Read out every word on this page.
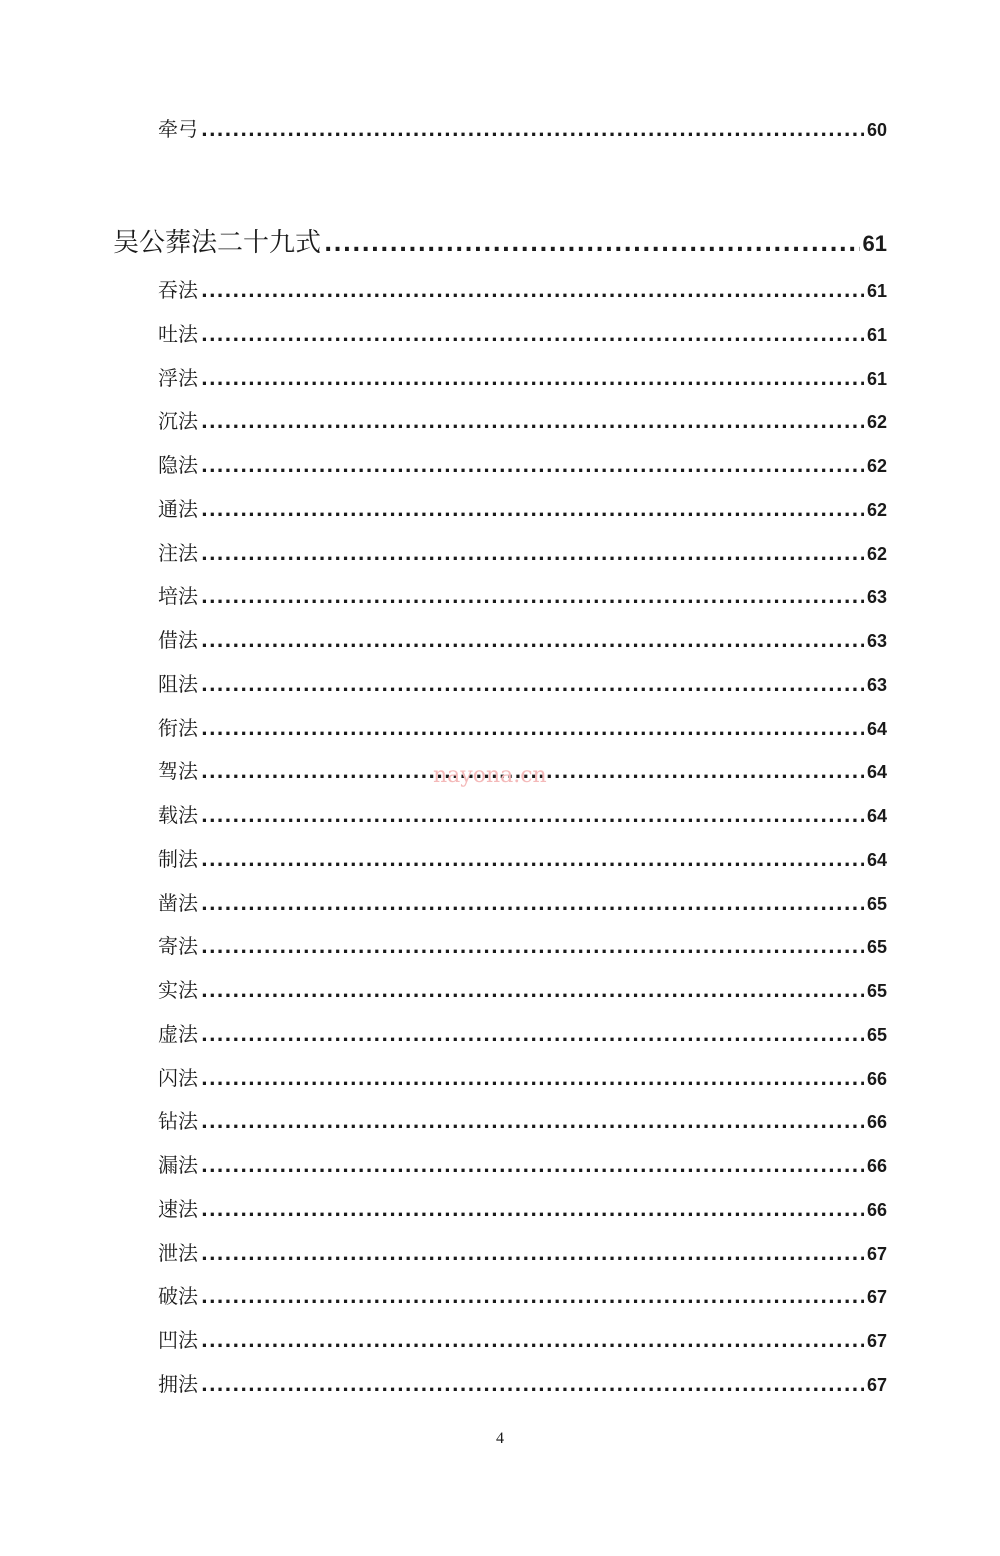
牵弓 .....	60
吴公葬法二十九式 .....	61
吞法 .....	61
吐法 .....	61
浮法 .....	61
沉法 .....	62
隐法 .....	62
通法 .....	62
注法 .....	62
培法 .....	63
借法 .....	63
阻法 .....	63
衔法 .....	64
驾法 .....	64
载法 .....	64
制法 .....	64
凿法 .....	65
寄法 .....	65
实法 .....	65
虚法 .....	65
闪法 .....	66
钻法 .....	66
漏法 .....	66
速法 .....	66
泄法 .....	67
破法 .....	67
凹法 .....	67
拥法 .....	67
nayona.cn
4
